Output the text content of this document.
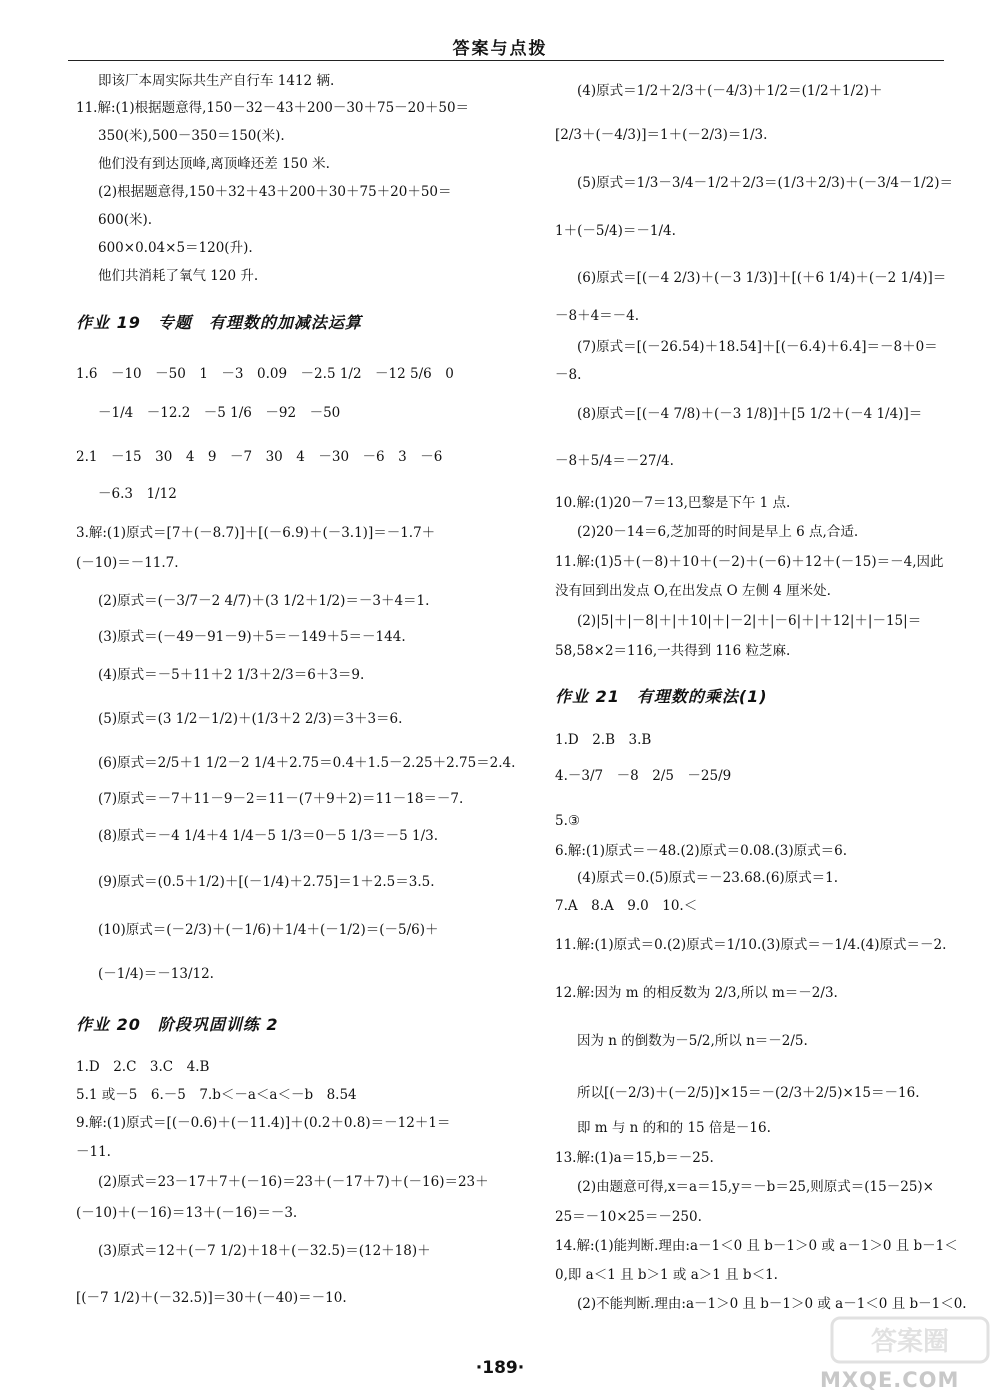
答案与点拨
即该厂本周实际共生产自行车 1412 辆.
11.解:(1)根据题意得,150－32－43＋200－30＋75－20＋50＝
350(米),500－350＝150(米).
他们没有到达顶峰,离顶峰还差 150 米.
(2)根据题意得,150＋32＋43＋200＋30＋75＋20＋50＝
600(米).
600×0.04×5＝120(升).
他们共消耗了氧气 120 升.
作业 19　专题　有理数的加减法运算
1.6　－10　－50　1　－3　0.09　－2.5 1/2　－12 5/6　0
－1/4　－12.2　－5 1/6　－92　－50
2.1　－15　30　4　9　－7　30　4　－30　－6　3　－6
－6.3　1/12
3.解:(1)原式＝[7＋(－8.7)]＋[(－6.9)＋(－3.1)]＝－1.7＋
(－10)＝－11.7.
(2)原式＝(－3/7－2 4/7)＋(3 1/2＋1/2)＝－3＋4＝1.
(3)原式＝(－49－91－9)＋5＝－149＋5＝－144.
(4)原式＝－5＋11＋2 1/3＋2/3＝6＋3＝9.
(5)原式＝(3 1/2－1/2)＋(1/3＋2 2/3)＝3＋3＝6.
(6)原式＝2/5＋1 1/2－2 1/4＋2.75＝0.4＋1.5－2.25＋2.75＝2.4.
(7)原式＝－7＋11－9－2＝11－(7＋9＋2)＝11－18＝－7.
(8)原式＝－4 1/4＋4 1/4－5 1/3＝0－5 1/3＝－5 1/3.
(9)原式＝(0.5＋1/2)＋[(－1/4)＋2.75]＝1＋2.5＝3.5.
(10)原式＝(－2/3)＋(－1/6)＋1/4＋(－1/2)＝(－5/6)＋
(－1/4)＝－13/12.
作业 20　阶段巩固训练 2
1.D　2.C　3.C　4.B
5.1 或－5　6.－5　7.b＜－a＜a＜－b　8.54
9.解:(1)原式＝[(－0.6)＋(－11.4)]＋(0.2＋0.8)＝－12＋1＝
－11.
(2)原式＝23－17＋7＋(－16)＝23＋(－17＋7)＋(－16)＝23＋
(－10)＋(－16)＝13＋(－16)＝－3.
(3)原式＝12＋(－7 1/2)＋18＋(－32.5)＝(12＋18)＋
[(－7 1/2)＋(－32.5)]＝30＋(－40)＝－10.
(4)原式＝1/2＋2/3＋(－4/3)＋1/2＝(1/2＋1/2)＋
[2/3＋(－4/3)]＝1＋(－2/3)＝1/3.
(5)原式＝1/3－3/4－1/2＋2/3＝(1/3＋2/3)＋(－3/4－1/2)＝
1＋(－5/4)＝－1/4.
(6)原式＝[(－4 2/3)＋(－3 1/3)]＋[(＋6 1/4)＋(－2 1/4)]＝
－8＋4＝－4.
(7)原式＝[(－26.54)＋18.54]＋[(－6.4)＋6.4]＝－8＋0＝
－8.
(8)原式＝[(－4 7/8)＋(－3 1/8)]＋[5 1/2＋(－4 1/4)]＝
－8＋5/4＝－27/4.
10.解:(1)20－7＝13,巴黎是下午 1 点.
(2)20－14＝6,芝加哥的时间是早上 6 点,合适.
11.解:(1)5＋(－8)＋10＋(－2)＋(－6)＋12＋(－15)＝－4,因此
没有回到出发点 O,在出发点 O 左侧 4 厘米处.
(2)|5|＋|－8|＋|＋10|＋|－2|＋|－6|＋|＋12|＋|－15|＝
58,58×2＝116,一共得到 116 粒芝麻.
作业 21　有理数的乘法(1)
1.D　2.B　3.B
4.－3/7　－8　2/5　－25/9
5.③
6.解:(1)原式＝－48.(2)原式＝0.08.(3)原式＝6.
(4)原式＝0.(5)原式＝－23.68.(6)原式＝1.
7.A　8.A　9.0　10.＜
11.解:(1)原式＝0.(2)原式＝1/10.(3)原式＝－1/4.(4)原式＝－2.
12.解:因为 m 的相反数为 2/3,所以 m＝－2/3.
因为 n 的倒数为－5/2,所以 n＝－2/5.
所以[(－2/3)＋(－2/5)]×15＝－(2/3＋2/5)×15＝－16.
即 m 与 n 的和的 15 倍是－16.
13.解:(1)a＝15,b＝－25.
(2)由题意可得,x＝a＝15,y＝－b＝25,则原式＝(15－25)×
25＝－10×25＝－250.
14.解:(1)能判断.理由:a－1＜0 且 b－1＞0 或 a－1＞0 且 b－1＜
0,即 a＜1 且 b＞1 或 a＞1 且 b＜1.
(2)不能判断.理由:a－1＞0 且 b－1＞0 或 a－1＜0 且 b－1＜0.
·189·
答案圈
MXQE.COM
